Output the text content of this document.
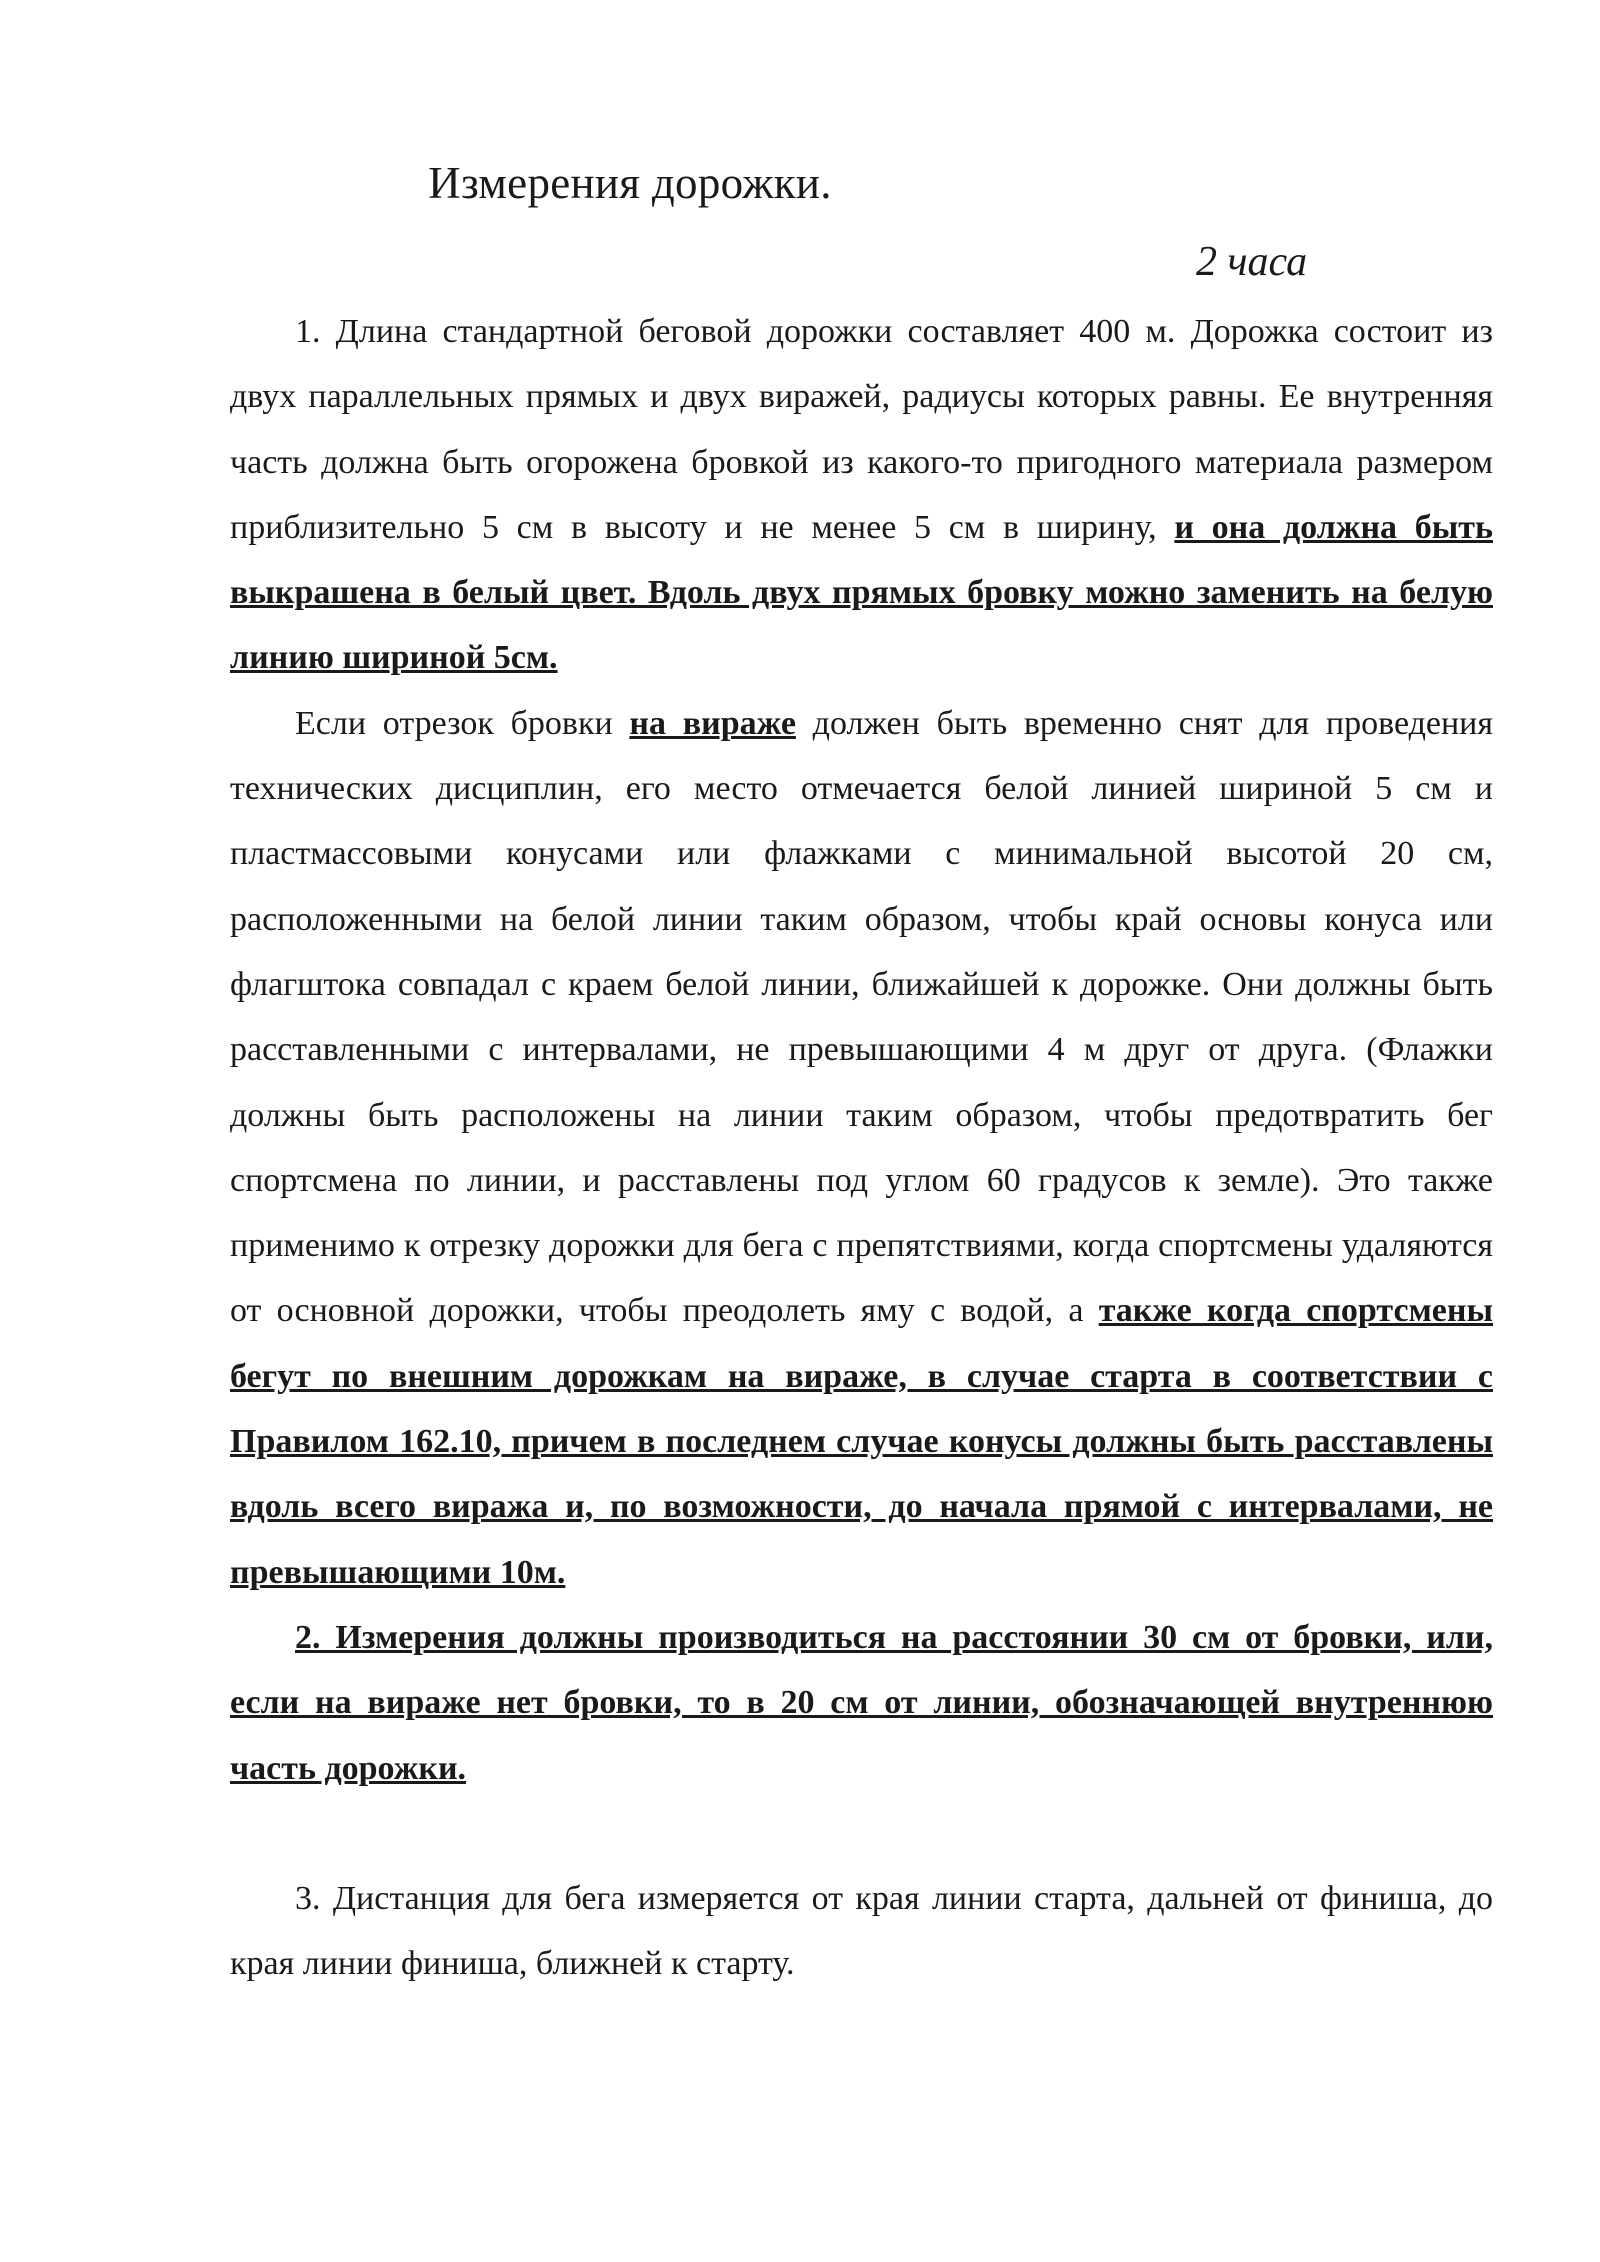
Измерения дорожки.
2 часа

1. Длина стандартной беговой дорожки составляет 400 м. Дорожка состоит из двух параллельных прямых и двух виражей, радиусы которых равны. Ее внутренняя часть должна быть огорожена бровкой из какого-то пригодного материала размером приблизительно 5 см в высоту и не менее 5 см в ширину, и она должна быть выкрашена в белый цвет. Вдоль двух прямых бровку можно заменить на белую линию шириной 5см.

Если отрезок бровки на вираже должен быть временно снят для проведения технических дисциплин, его место отмечается белой линией шириной 5 см и пластмассовыми конусами или флажками с минимальной высотой 20 см, расположенными на белой линии таким образом, чтобы край основы конуса или флагштока совпадал с краем белой линии, ближайшей к дорожке. Они должны быть расставленными с интервалами, не превышающими 4 м друг от друга. (Флажки должны быть расположены на линии таким образом, чтобы предотвратить бег спортсмена по линии, и расставлены под углом 60 градусов к земле). Это также применимо к отрезку дорожки для бега с препятствиями, когда спортсмены удаляются от основной дорожки, чтобы преодолеть яму с водой, а также когда спортсмены бегут по внешним дорожкам на вираже, в случае старта в соответствии с Правилом 162.10, причем в последнем случае конусы должны быть расставлены вдоль всего виража и, по возможности, до начала прямой с интервалами, не превышающими 10м.

2. Измерения должны производиться на расстоянии 30 см от бровки, или, если на вираже нет бровки, то в 20 см от линии, обозначающей внутреннюю часть дорожки.

3. Дистанция для бега измеряется от края линии старта, дальней от финиша, до края линии финиша, ближней к старту.
